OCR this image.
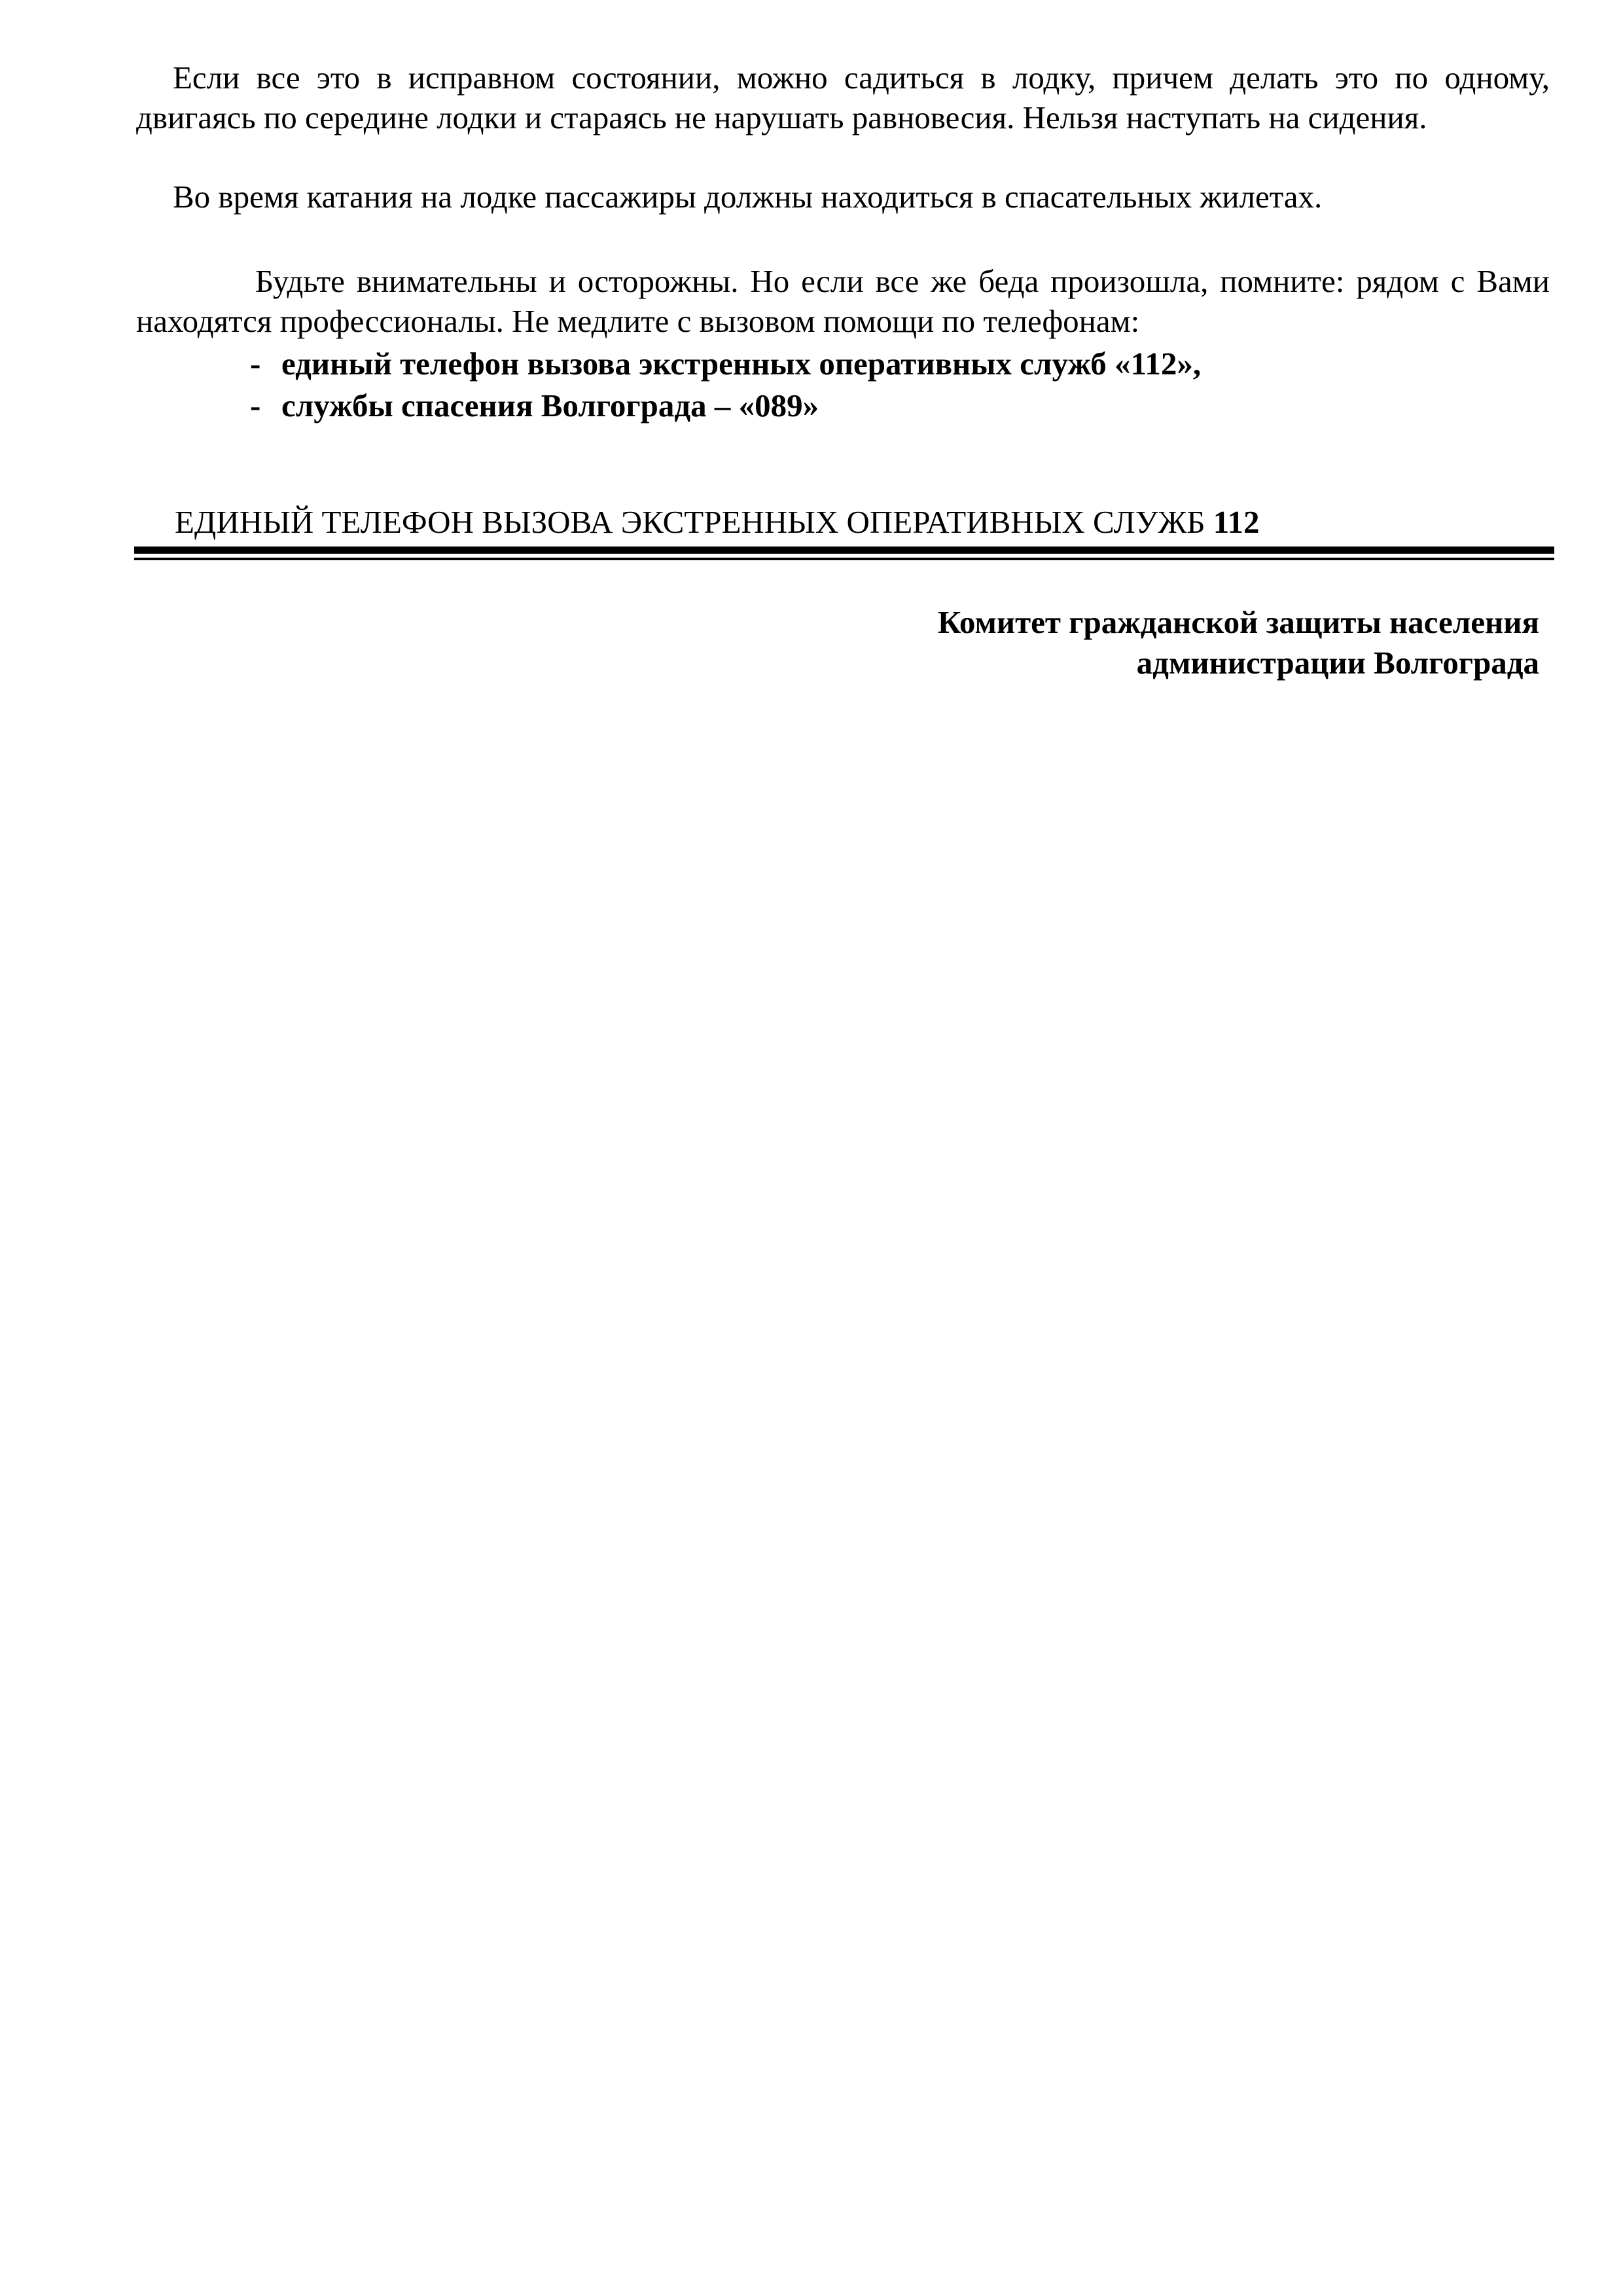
Если все это в исправном состоянии, можно садиться в лодку, причем делать это по одному, двигаясь по середине лодки и стараясь не нарушать равновесия. Нельзя наступать на сидения.

Во время катания на лодке пассажиры должны находиться в спасательных жилетах.

Будьте внимательны и осторожны. Но если все же беда произошла, помните: рядом с Вами находятся профессионалы. Не медлите с вызовом помощи по телефонам:

- единый телефон вызова экстренных оперативных служб «112»,

- службы спасения Волгограда – «089»

ЕДИНЫЙ ТЕЛЕФОН ВЫЗОВА ЭКСТРЕННЫХ ОПЕРАТИВНЫХ СЛУЖБ 112

Комитет гражданской защиты населения
администрации Волгограда
